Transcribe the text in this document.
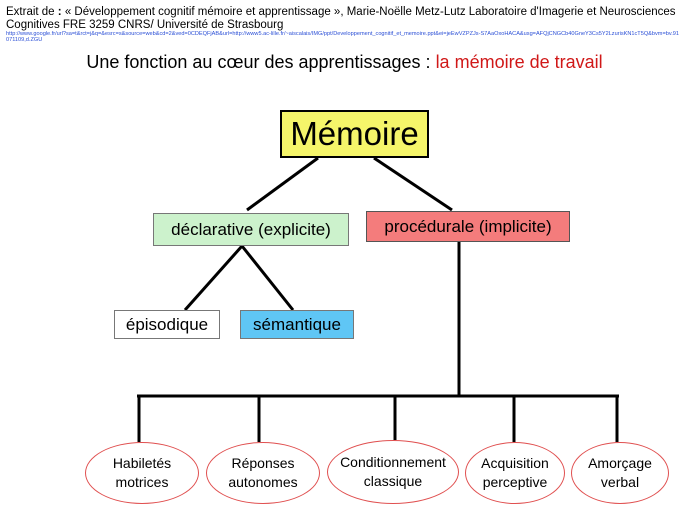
Extrait de : « Développement cognitif mémoire et apprentissage », Marie-Noëlle Metz-Lutz Laboratoire d'Imagerie et Neurosciences Cognitives FRE 3259 CNRS/ Université de Strasbourg
http://www.google.fr/url?sa=t&rct=j&q=&esrc=s&source=web&cd=2&ved=0CDEQFjAB&url=http://www5.ac-lille.fr/~aiscalais/IMG/ppt/Developpement_cognitif_et_memoire.ppt&ei=jeEwVZPZJs-S7AaOxoHACA&usg=AFQjCNGCb40GneY3Cs5Y2LzurisKN1cT5Q&bvm=bv.91071109,d.ZGU
Une fonction au cœur des apprentissages : la mémoire de travail
Mémoire
déclarative (explicite)	procédurale (implicite)
épisodique	sémantique
Habiletés
motrices
Réponses
autonomes
Conditionnement
classique
Acquisition
perceptive
Amorçage
verbal
